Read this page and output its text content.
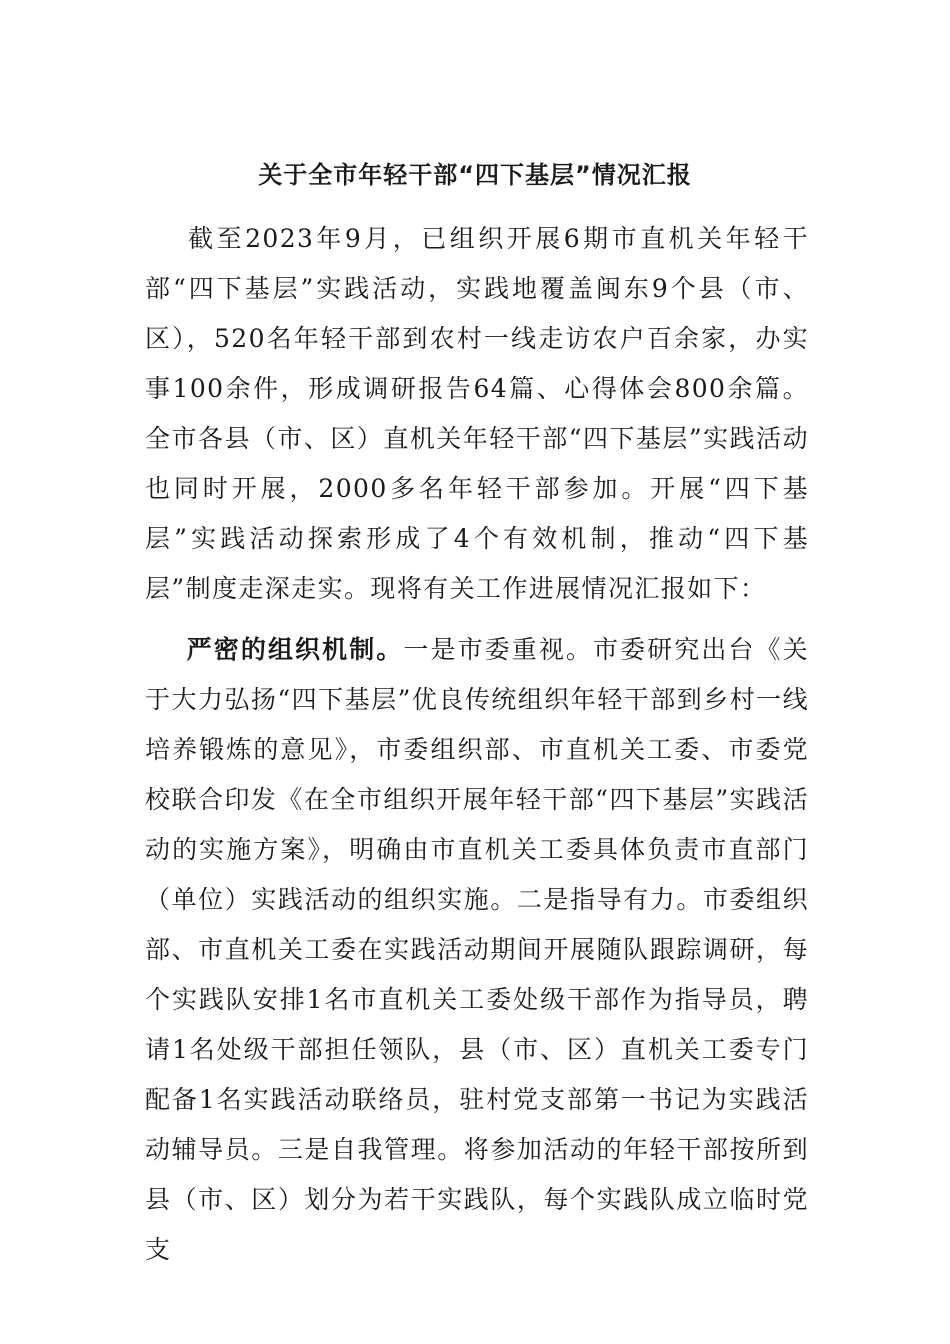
关于全市年轻干部“四下基层”情况汇报

截至2023年9月，已组织开展6期市直机关年轻干部“四下基层”实践活动，实践地覆盖闽东9个县（市、区），520名年轻干部到农村一线走访农户百余家，办实事100余件，形成调研报告64篇、心得体会800余篇。全市各县（市、区）直机关年轻干部“四下基层”实践活动也同时开展，2000多名年轻干部参加。开展“四下基层”实践活动探索形成了4个有效机制，推动“四下基层”制度走深走实。现将有关工作进展情况汇报如下：

严密的组织机制。一是市委重视。市委研究出台《关于大力弘扬“四下基层”优良传统组织年轻干部到乡村一线培养锻炼的意见》，市委组织部、市直机关工委、市委党校联合印发《在全市组织开展年轻干部“四下基层”实践活动的实施方案》，明确由市直机关工委具体负责市直部门（单位）实践活动的组织实施。二是指导有力。市委组织部、市直机关工委在实践活动期间开展随队跟踪调研，每个实践队安排1名市直机关工委处级干部作为指导员，聘请1名处级干部担任领队，县（市、区）直机关工委专门配备1名实践活动联络员，驻村党支部第一书记为实践活动辅导员。三是自我管理。将参加活动的年轻干部按所到县（市、区）划分为若干实践队，每个实践队成立临时党支
